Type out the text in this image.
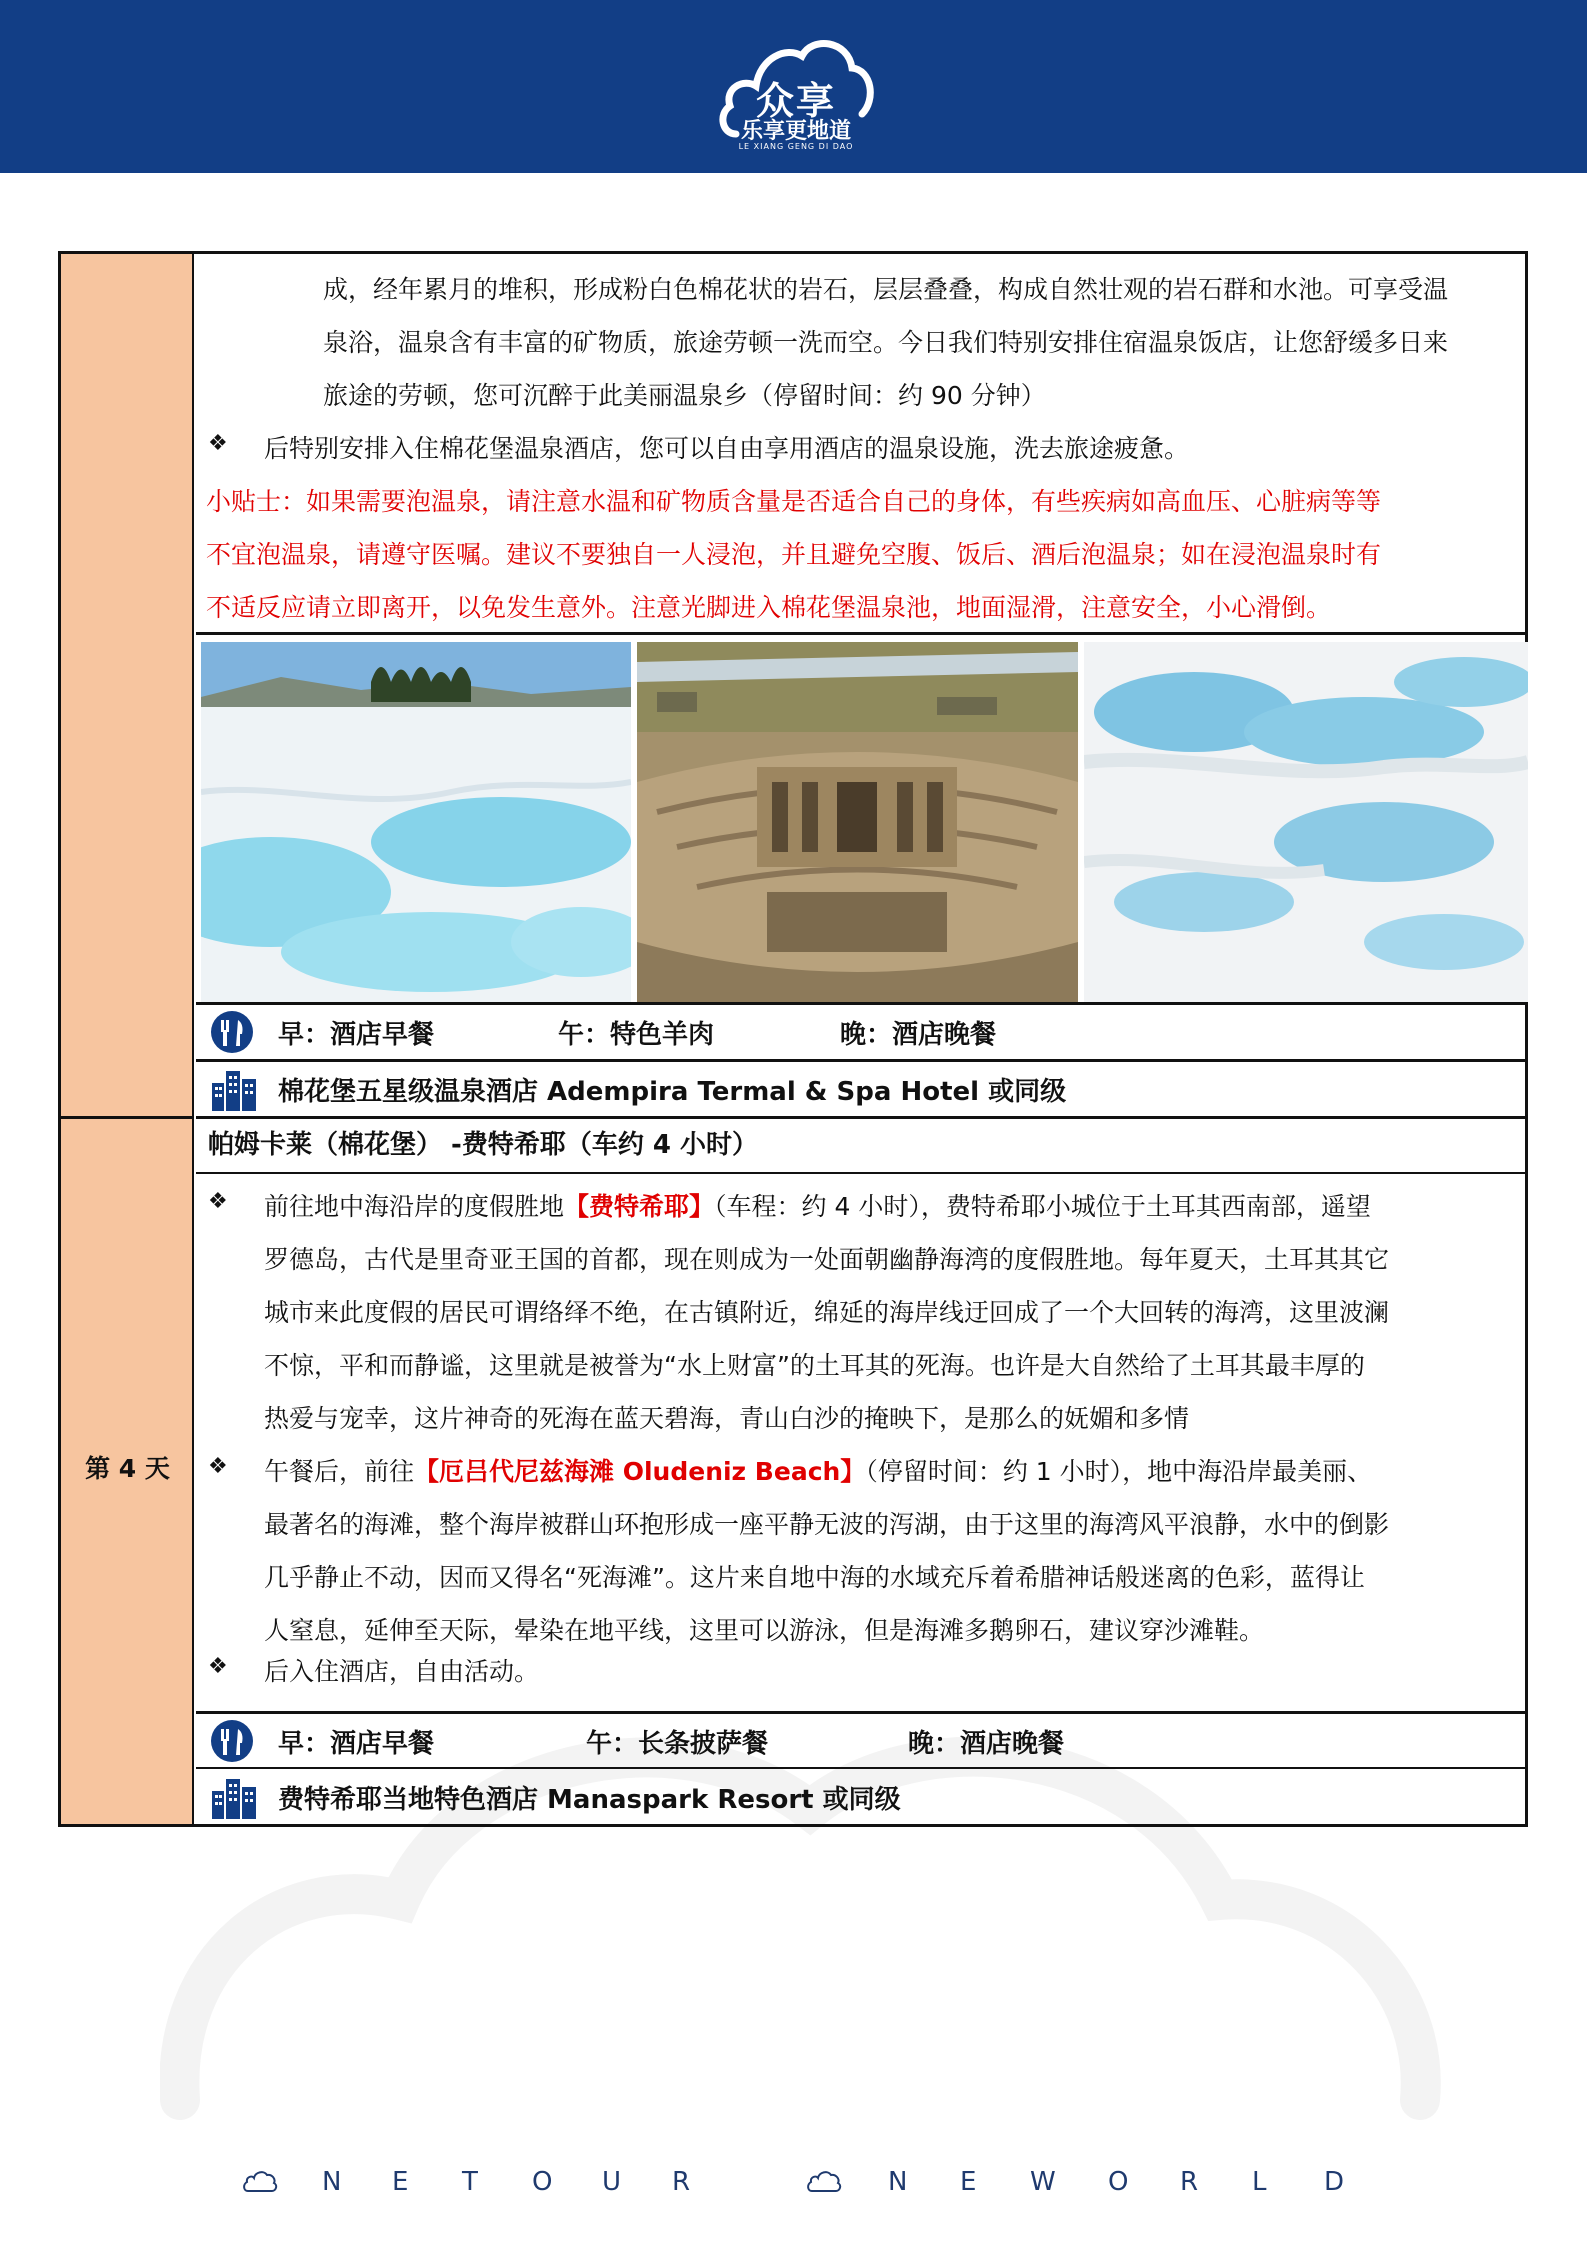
众享
乐享更地道
LE XIANG GENG DI DAO
第 4 天
成，经年累月的堆积，形成粉白色棉花状的岩石，层层叠叠，构成自然壮观的岩石群和水池。可享受温
泉浴，温泉含有丰富的矿物质，旅途劳顿一洗而空。今日我们特别安排住宿温泉饭店，让您舒缓多日来
旅途的劳顿，您可沉醉于此美丽温泉乡（停留时间：约 90 分钟）
❖ 后特别安排入住棉花堡温泉酒店，您可以自由享用酒店的温泉设施，洗去旅途疲惫。
小贴士：如果需要泡温泉，请注意水温和矿物质含量是否适合自己的身体，有些疾病如高血压、心脏病等等
不宜泡温泉，请遵守医嘱。建议不要独自一人浸泡，并且避免空腹、饭后、酒后泡温泉；如在浸泡温泉时有
不适反应请立即离开，以免发生意外。注意光脚进入棉花堡温泉池，地面湿滑，注意安全，小心滑倒。
早：酒店早餐	午：特色羊肉	晚：酒店晚餐
棉花堡五星级温泉酒店 Adempira Termal & Spa Hotel 或同级
帕姆卡莱（棉花堡） -费特希耶（车约 4 小时）
❖ 前往地中海沿岸的度假胜地【费特希耶】（车程：约 4 小时），费特希耶小城位于土耳其西南部，遥望
罗德岛，古代是里奇亚王国的首都，现在则成为一处面朝幽静海湾的度假胜地。每年夏天，土耳其其它
城市来此度假的居民可谓络绎不绝，在古镇附近，绵延的海岸线迂回成了一个大回转的海湾，这里波澜
不惊，平和而静谧，这里就是被誉为“水上财富”的土耳其的死海。也许是大自然给了土耳其最丰厚的
热爱与宠幸，这片神奇的死海在蓝天碧海，青山白沙的掩映下，是那么的妩媚和多情
❖ 午餐后，前往【厄吕代尼兹海滩 Oludeniz Beach】（停留时间：约 1 小时），地中海沿岸最美丽、
最著名的海滩，整个海岸被群山环抱形成一座平静无波的泻湖，由于这里的海湾风平浪静，水中的倒影
几乎静止不动，因而又得名“死海滩”。这片来自地中海的水域充斥着希腊神话般迷离的色彩，蓝得让
人窒息，延伸至天际，晕染在地平线，这里可以游泳，但是海滩多鹅卵石，建议穿沙滩鞋。
❖ 后入住酒店，自由活动。
早：酒店早餐	午：长条披萨餐	晚：酒店晚餐
费特希耶当地特色酒店 Manaspark Resort 或同级
N E T O U R	N E W O R L D
